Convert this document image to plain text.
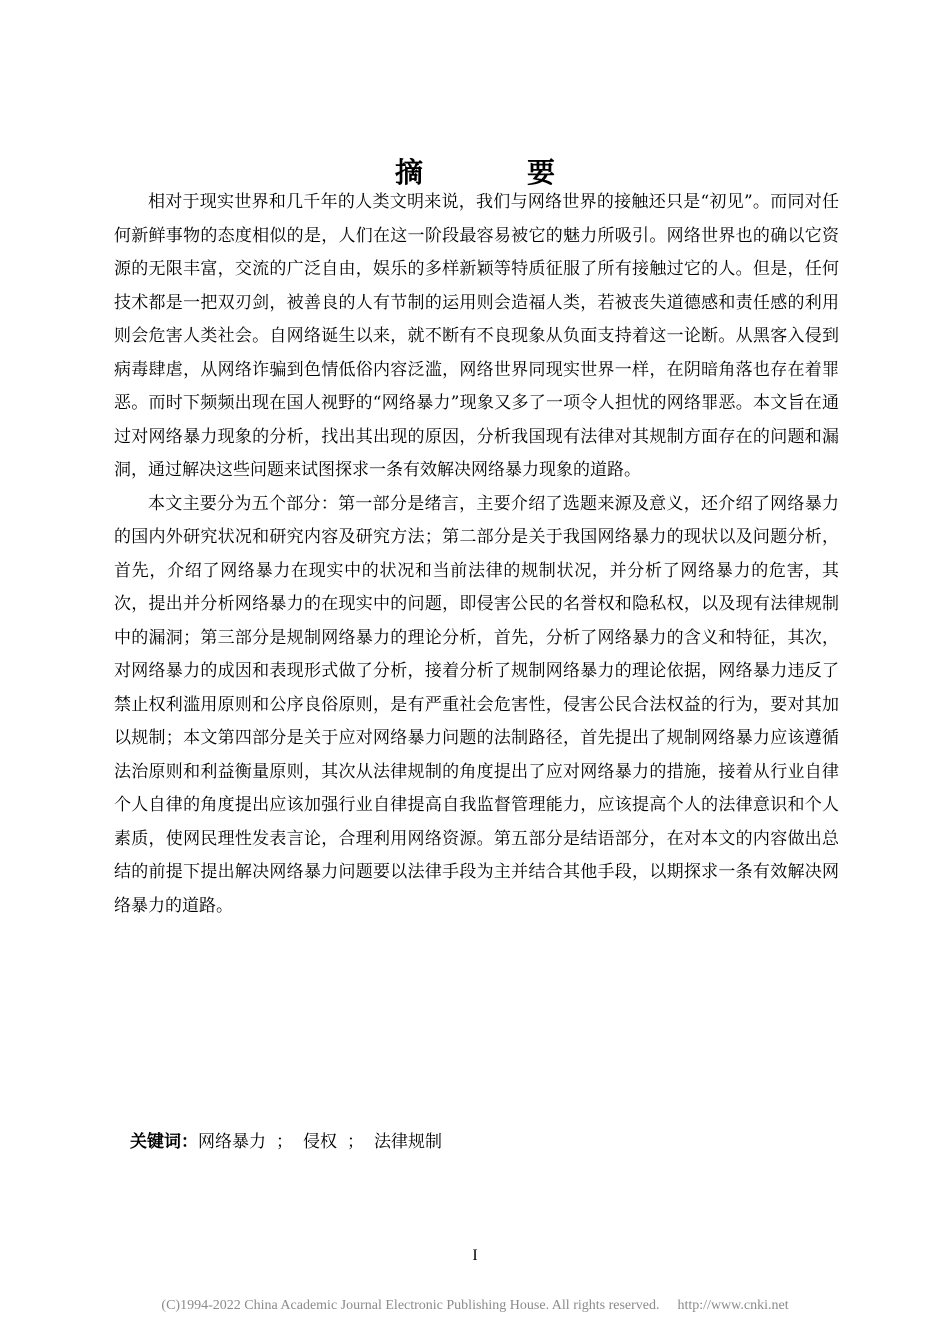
摘　要

相对于现实世界和几千年的人类文明来说，我们与网络世界的接触还只是“初见”。而同对任何新鲜事物的态度相似的是，人们在这一阶段最容易被它的魅力所吸引。网络世界也的确以它资源的无限丰富，交流的广泛自由，娱乐的多样新颖等特质征服了所有接触过它的人。但是，任何技术都是一把双刃剑，被善良的人有节制的运用则会造福人类，若被丧失道德感和责任感的利用则会危害人类社会。自网络诞生以来，就不断有不良现象从负面支持着这一论断。从黑客入侵到病毒肆虐，从网络诈骗到色情低俗内容泛滥，网络世界同现实世界一样，在阴暗角落也存在着罪恶。而时下频频出现在国人视野的“网络暴力”现象又多了一项令人担忧的网络罪恶。本文旨在通过对网络暴力现象的分析，找出其出现的原因，分析我国现有法律对其规制方面存在的问题和漏洞，通过解决这些问题来试图探求一条有效解决网络暴力现象的道路。

本文主要分为五个部分：第一部分是绪言，主要介绍了选题来源及意义，还介绍了网络暴力的国内外研究状况和研究内容及研究方法；第二部分是关于我国网络暴力的现状以及问题分析，首先，介绍了网络暴力在现实中的状况和当前法律的规制状况，并分析了网络暴力的危害，其次，提出并分析网络暴力的在现实中的问题，即侵害公民的名誉权和隐私权，以及现有法律规制中的漏洞；第三部分是规制网络暴力的理论分析，首先，分析了网络暴力的含义和特征，其次，对网络暴力的成因和表现形式做了分析，接着分析了规制网络暴力的理论依据，网络暴力违反了禁止权利滥用原则和公序良俗原则，是有严重社会危害性，侵害公民合法权益的行为，要对其加以规制；本文第四部分是关于应对网络暴力问题的法制路径，首先提出了规制网络暴力应该遵循法治原则和利益衡量原则，其次从法律规制的角度提出了应对网络暴力的措施，接着从行业自律个人自律的角度提出应该加强行业自律提高自我监督管理能力，应该提高个人的法律意识和个人素质，使网民理性发表言论，合理利用网络资源。第五部分是结语部分，在对本文的内容做出总结的前提下提出解决网络暴力问题要以法律手段为主并结合其他手段，以期探求一条有效解决网络暴力的道路。

关键词：网络暴力 ； 侵权 ； 法律规制
I
(C)1994-2022 China Academic Journal Electronic Publishing House. All rights reserved. http://www.cnki.net
